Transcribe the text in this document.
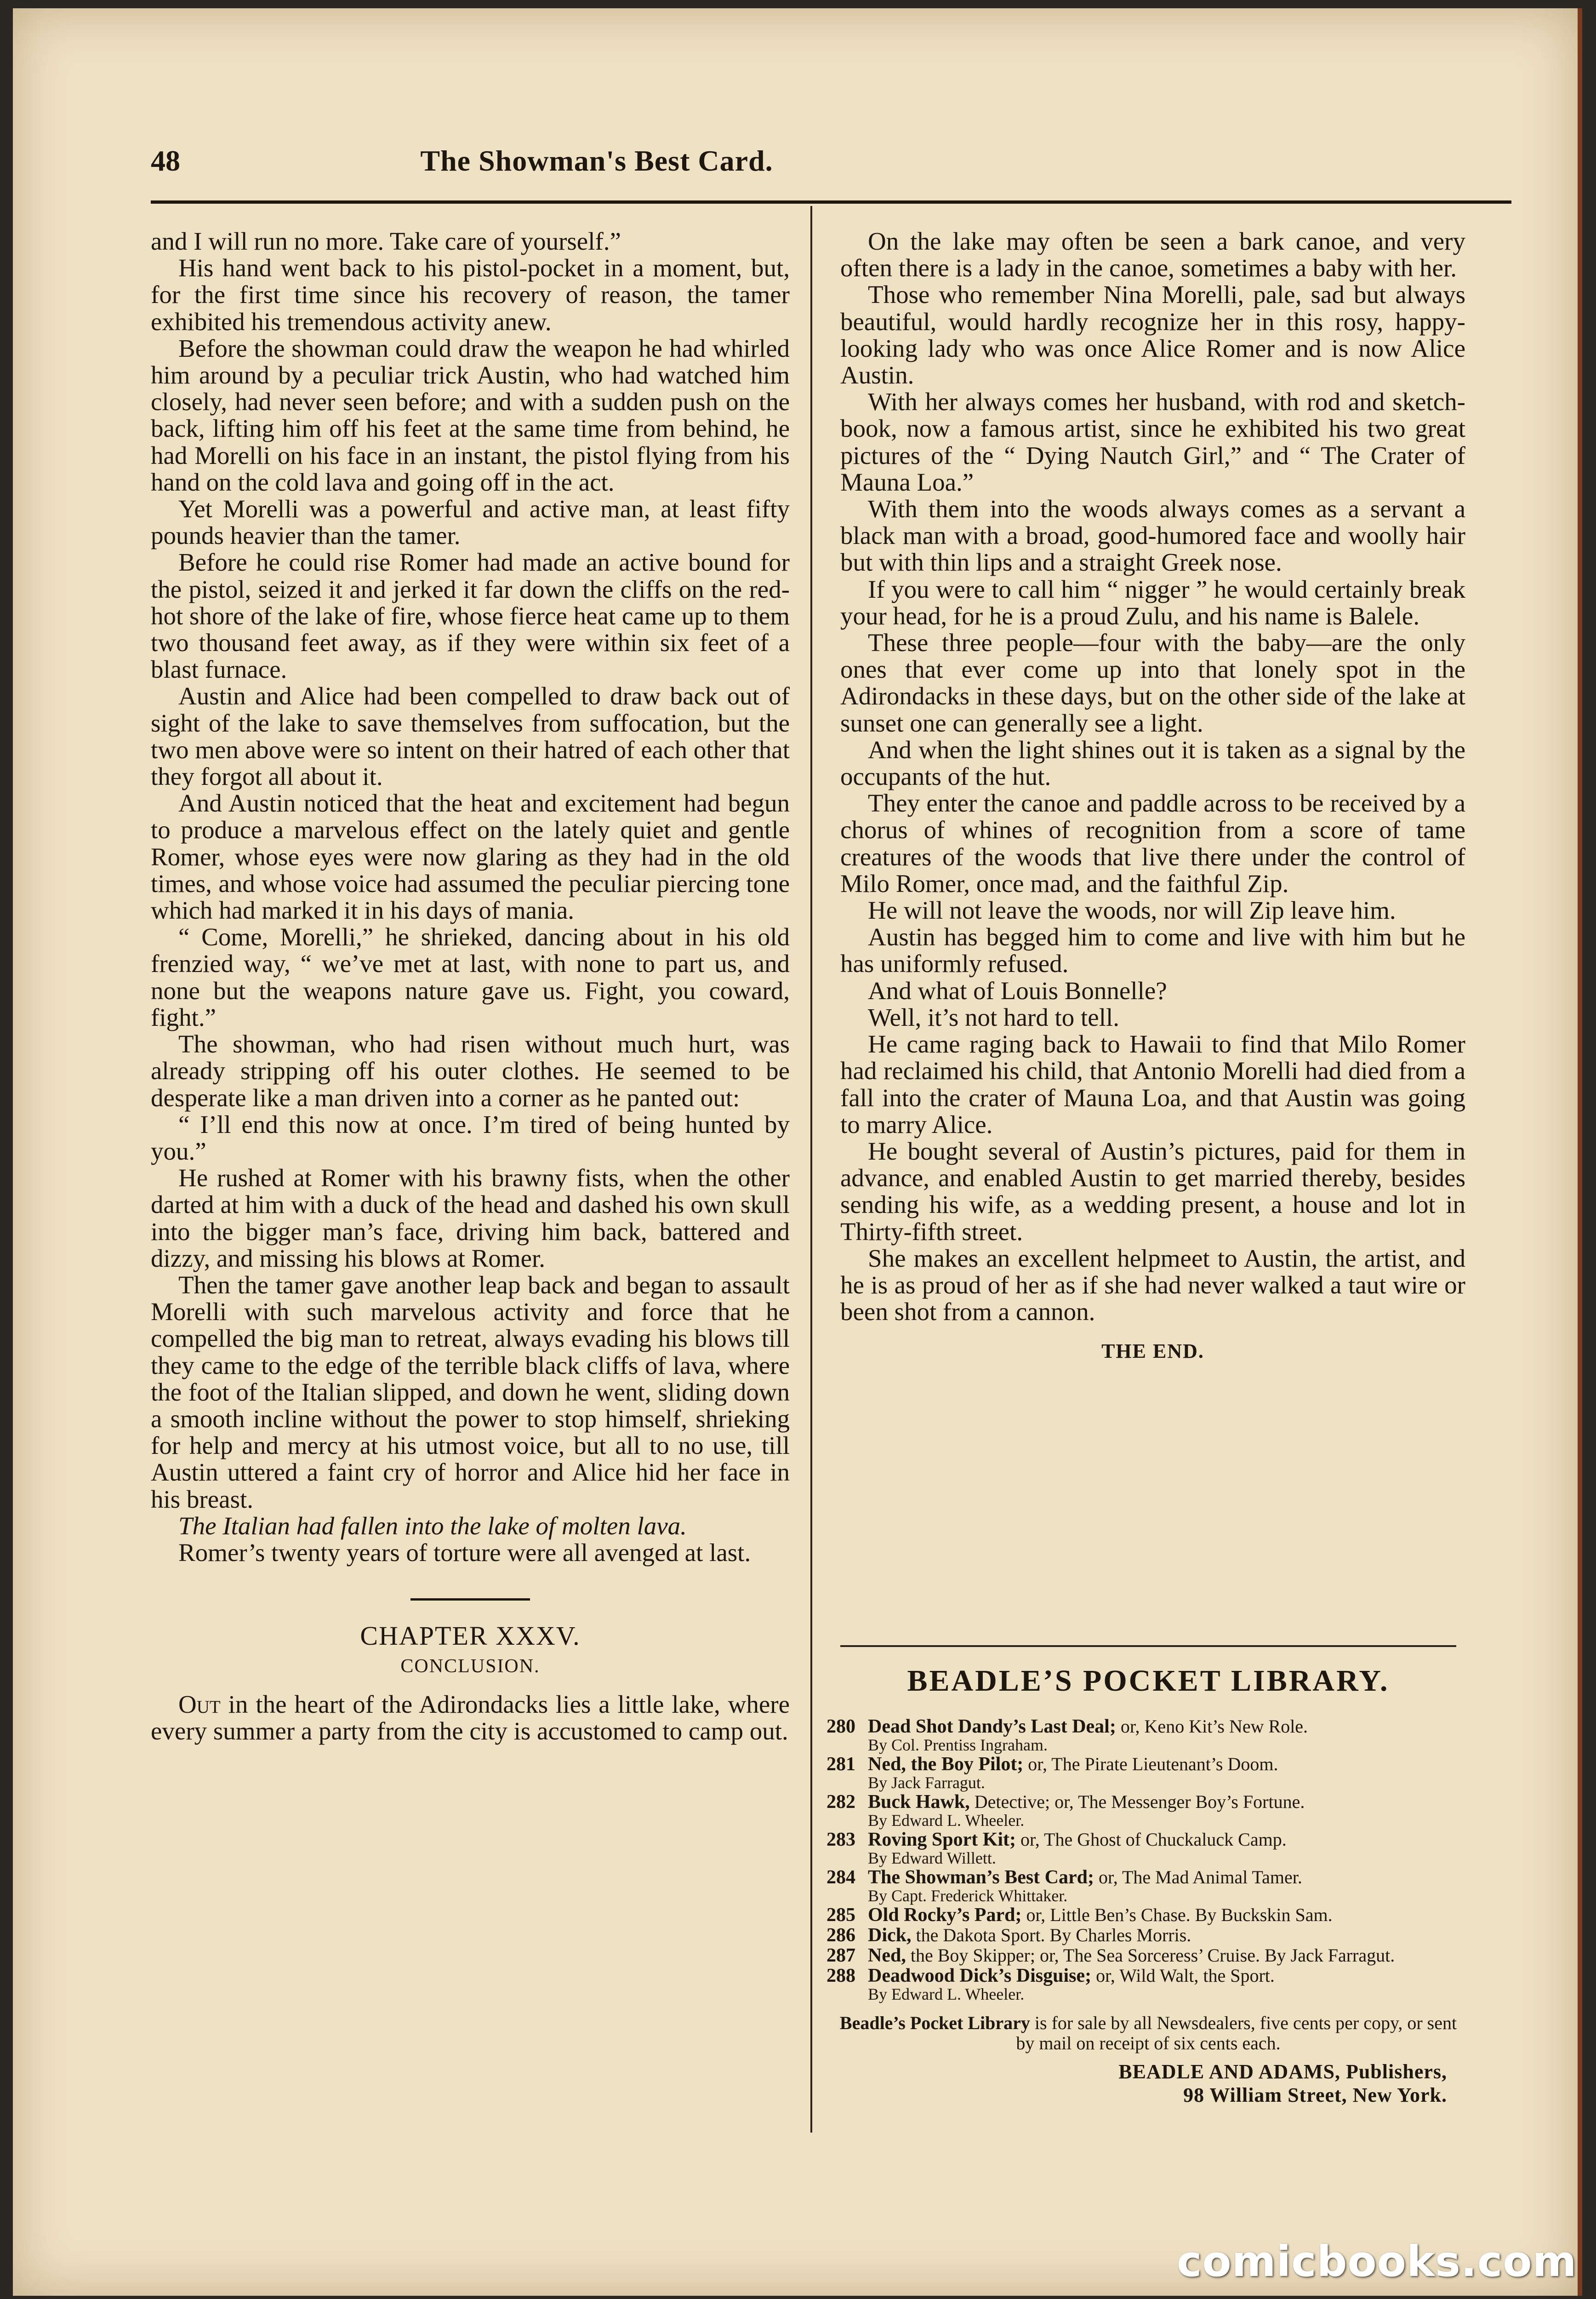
48	The Showman's Best Card.

and I will run no more. Take care of yourself.”

His hand went back to his pistol-pocket in a moment, but, for the first time since his recovery of reason, the tamer exhibited his tremendous activity anew.

Before the showman could draw the weapon he had whirled him around by a peculiar trick Austin, who had watched him closely, had never seen before; and with a sudden push on the back, lifting him off his feet at the same time from behind, he had Morelli on his face in an instant, the pistol flying from his hand on the cold lava and going off in the act.

Yet Morelli was a powerful and active man, at least fifty pounds heavier than the tamer.

Before he could rise Romer had made an active bound for the pistol, seized it and jerked it far down the cliffs on the red-hot shore of the lake of fire, whose fierce heat came up to them two thousand feet away, as if they were within six feet of a blast furnace.

Austin and Alice had been compelled to draw back out of sight of the lake to save themselves from suffocation, but the two men above were so intent on their hatred of each other that they forgot all about it.

And Austin noticed that the heat and excitement had begun to produce a marvelous effect on the lately quiet and gentle Romer, whose eyes were now glaring as they had in the old times, and whose voice had assumed the peculiar piercing tone which had marked it in his days of mania.

“ Come, Morelli,” he shrieked, dancing about in his old frenzied way, “ we’ve met at last, with none to part us, and none but the weapons nature gave us. Fight, you coward, fight.”

The showman, who had risen without much hurt, was already stripping off his outer clothes. He seemed to be desperate like a man driven into a corner as he panted out:

“ I’ll end this now at once. I’m tired of being hunted by you.”

He rushed at Romer with his brawny fists, when the other darted at him with a duck of the head and dashed his own skull into the bigger man’s face, driving him back, battered and dizzy, and missing his blows at Romer.

Then the tamer gave another leap back and began to assault Morelli with such marvelous activity and force that he compelled the big man to retreat, always evading his blows till they came to the edge of the terrible black cliffs of lava, where the foot of the Italian slipped, and down he went, sliding down a smooth incline without the power to stop himself, shrieking for help and mercy at his utmost voice, but all to no use, till Austin uttered a faint cry of horror and Alice hid her face in his breast.

The Italian had fallen into the lake of molten lava.

Romer’s twenty years of torture were all avenged at last.

CHAPTER XXXV.
CONCLUSION.

Out in the heart of the Adirondacks lies a little lake, where every summer a party from the city is accustomed to camp out.

On the lake may often be seen a bark canoe, and very often there is a lady in the canoe, sometimes a baby with her.

Those who remember Nina Morelli, pale, sad but always beautiful, would hardly recognize her in this rosy, happy-looking lady who was once Alice Romer and is now Alice Austin.

With her always comes her husband, with rod and sketch-book, now a famous artist, since he exhibited his two great pictures of the “ Dying Nautch Girl,” and “ The Crater of Mauna Loa.”

With them into the woods always comes as a servant a black man with a broad, good-humored face and woolly hair but with thin lips and a straight Greek nose.

If you were to call him “ nigger ” he would certainly break your head, for he is a proud Zulu, and his name is Balele.

These three people—four with the baby—are the only ones that ever come up into that lonely spot in the Adirondacks in these days, but on the other side of the lake at sunset one can generally see a light.

And when the light shines out it is taken as a signal by the occupants of the hut.

They enter the canoe and paddle across to be received by a chorus of whines of recognition from a score of tame creatures of the woods that live there under the control of Milo Romer, once mad, and the faithful Zip.

He will not leave the woods, nor will Zip leave him.

Austin has begged him to come and live with him but he has uniformly refused.

And what of Louis Bonnelle?

Well, it’s not hard to tell.

He came raging back to Hawaii to find that Milo Romer had reclaimed his child, that Antonio Morelli had died from a fall into the crater of Mauna Loa, and that Austin was going to marry Alice.

He bought several of Austin’s pictures, paid for them in advance, and enabled Austin to get married thereby, besides sending his wife, as a wedding present, a house and lot in Thirty-fifth street.

She makes an excellent helpmeet to Austin, the artist, and he is as proud of her as if she had never walked a taut wire or been shot from a cannon.

THE END.
BEADLE’S POCKET LIBRARY.
280 Dead Shot Dandy’s Last Deal; or, Keno Kit’s New Role.
By Col. Prentiss Ingraham.
281 Ned, the Boy Pilot; or, The Pirate Lieutenant’s Doom.
By Jack Farragut.
282 Buck Hawk, Detective; or, The Messenger Boy’s Fortune.
By Edward L. Wheeler.
283 Roving Sport Kit; or, The Ghost of Chuckaluck Camp.
By Edward Willett.
284 The Showman’s Best Card; or, The Mad Animal Tamer.
By Capt. Frederick Whittaker.
285 Old Rocky’s Pard; or, Little Ben’s Chase. By Buckskin Sam.
286 Dick, the Dakota Sport. By Charles Morris.
287 Ned, the Boy Skipper; or, The Sea Sorceress’ Cruise. By Jack Farragut.
288 Deadwood Dick’s Disguise; or, Wild Walt, the Sport.
By Edward L. Wheeler.
Beadle’s Pocket Library is for sale by all Newsdealers, five cents per copy, or sent by mail on receipt of six cents each.
BEADLE AND ADAMS, Publishers,
98 William Street, New York.
comicbooks.com
